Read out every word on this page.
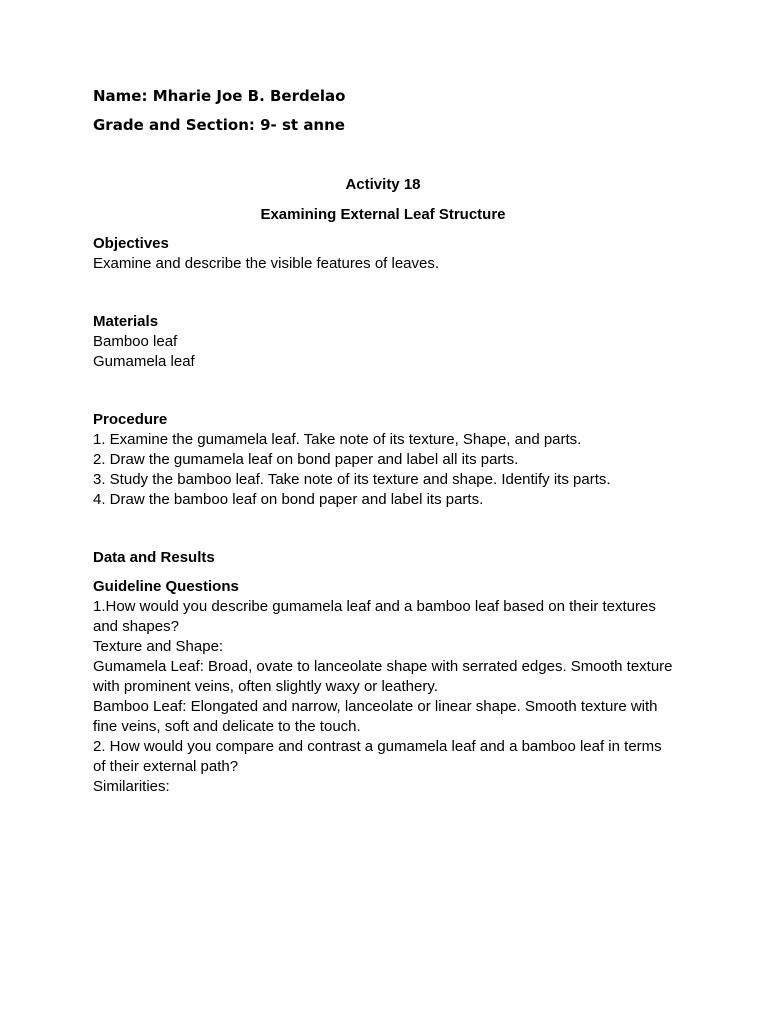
Name: Mharie Joe B. Berdelao

Grade and Section: 9- st anne

Activity 18

Examining External Leaf Structure

Objectives

Examine and describe the visible features of leaves.

Materials

Bamboo leaf

Gumamela leaf

Procedure

1. Examine the gumamela leaf. Take note of its texture, Shape, and parts.

2. Draw the gumamela leaf on bond paper and label all its parts.

3. Study the bamboo leaf. Take note of its texture and shape. Identify its parts.

4. Draw the bamboo leaf on bond paper and label its parts.

Data and Results

Guideline Questions

1.How would you describe gumamela leaf and a bamboo leaf based on their textures and shapes?

Texture and Shape:

Gumamela Leaf: Broad, ovate to lanceolate shape with serrated edges. Smooth texture with prominent veins, often slightly waxy or leathery.

Bamboo Leaf: Elongated and narrow, lanceolate or linear shape. Smooth texture with fine veins, soft and delicate to the touch.

2. How would you compare and contrast a gumamela leaf and a bamboo leaf in terms of their external path?

Similarities:
